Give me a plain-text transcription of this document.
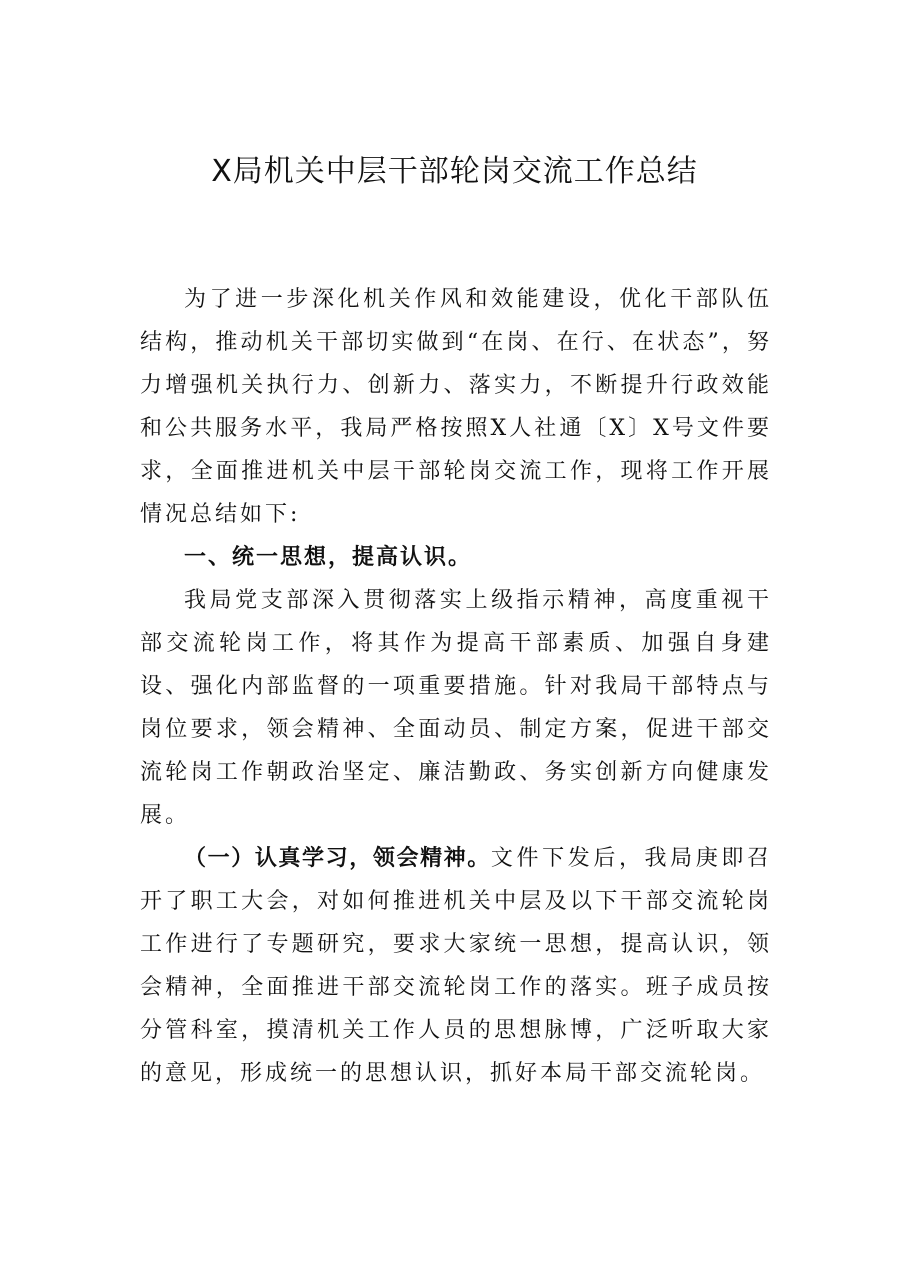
X局机关中层干部轮岗交流工作总结

为了进一步深化机关作风和效能建设，优化干部队伍结构，推动机关干部切实做到“在岗、在行、在状态”，努力增强机关执行力、创新力、落实力，不断提升行政效能和公共服务水平，我局严格按照X人社通〔X〕X号文件要求，全面推进机关中层干部轮岗交流工作，现将工作开展情况总结如下:

一、统一思想，提高认识。

我局党支部深入贯彻落实上级指示精神，高度重视干部交流轮岗工作，将其作为提高干部素质、加强自身建设、强化内部监督的一项重要措施。针对我局干部特点与岗位要求，领会精神、全面动员、制定方案，促进干部交流轮岗工作朝政治坚定、廉洁勤政、务实创新方向健康发展。

（一）认真学习，领会精神。文件下发后，我局庚即召开了职工大会，对如何推进机关中层及以下干部交流轮岗工作进行了专题研究，要求大家统一思想，提高认识，领会精神，全面推进干部交流轮岗工作的落实。班子成员按分管科室，摸清机关工作人员的思想脉博，广泛听取大家的意见，形成统一的思想认识，抓好本局干部交流轮岗。
